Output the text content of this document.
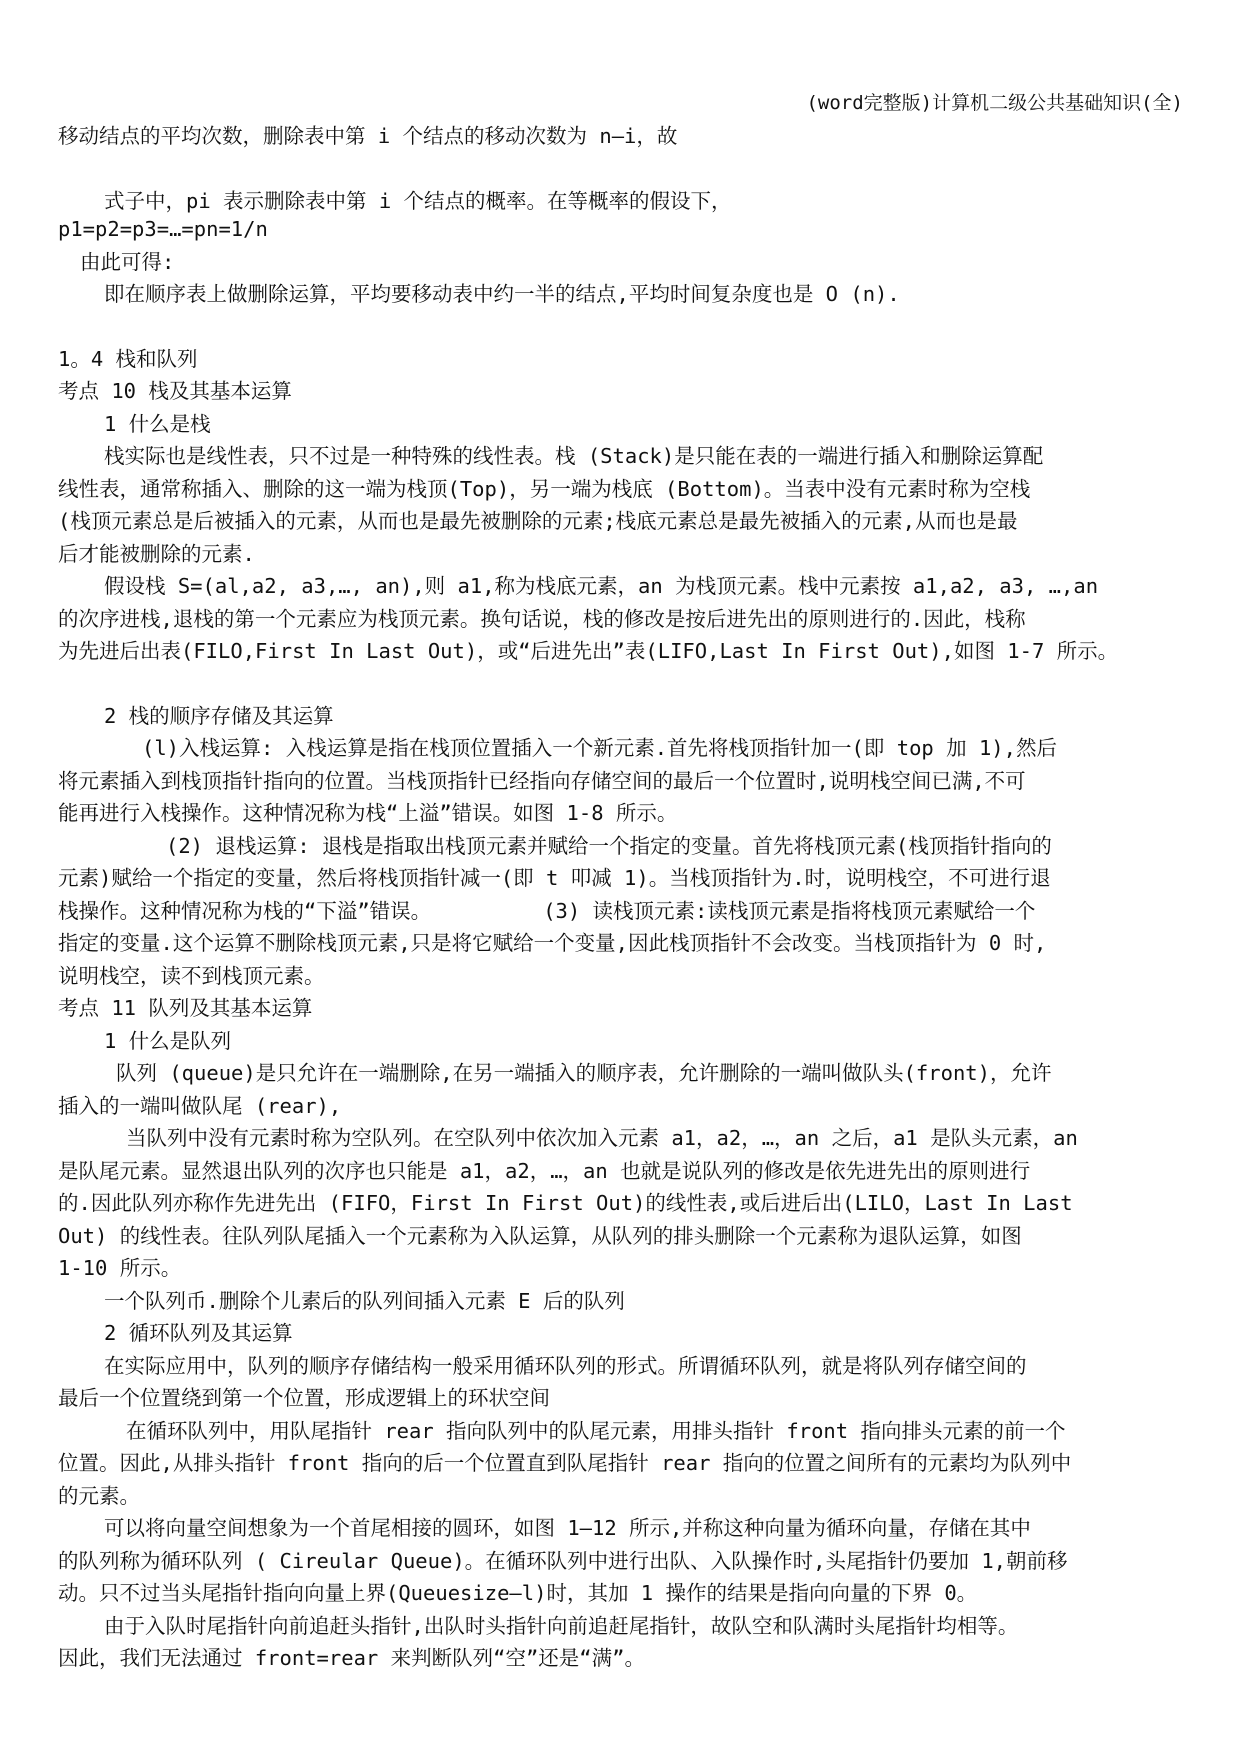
(word完整版)计算机二级公共基础知识(全)
移动结点的平均次数，删除表中第 i 个结点的移动次数为 n—i，故
式子中，pi 表示删除表中第 i 个结点的概率。在等概率的假设下，
p1=p2=p3=…=pn=1/n
由此可得:
即在顺序表上做删除运算，平均要移动表中约一半的结点,平均时间复杂度也是 O (n).
1。4 栈和队列
考点 10 栈及其基本运算
1 什么是栈
栈实际也是线性表，只不过是一种特殊的线性表。栈 (Stack)是只能在表的一端进行插入和删除运算配
线性表，通常称插入、删除的这一端为栈顶(Top)，另一端为栈底 (Bottom)。当表中没有元素时称为空栈
(栈顶元素总是后被插入的元素，从而也是最先被删除的元素;栈底元素总是最先被插入的元素,从而也是最
后才能被删除的元素.
假设栈 S=(al,a2, a3,…, an),则 a1,称为栈底元素，an 为栈顶元素。栈中元素按 a1,a2, a3, …,an
的次序进栈,退栈的第一个元素应为栈顶元素。换句话说，栈的修改是按后进先出的原则进行的.因此，栈称
为先进后出表(FILO,First In Last Out)，或“后进先出”表(LIFO,Last In First Out),如图 1-7 所示。
2 栈的顺序存储及其运算
(l)入栈运算: 入栈运算是指在栈顶位置插入一个新元素.首先将栈顶指针加一(即 top 加 1),然后
将元素插入到栈顶指针指向的位置。当栈顶指针已经指向存储空间的最后一个位置时,说明栈空间已满,不可
能再进行入栈操作。这种情况称为栈“上溢”错误。如图 1-8 所示。
(2) 退栈运算: 退栈是指取出栈顶元素并赋给一个指定的变量。首先将栈顶元素(栈顶指针指向的
元素)赋给一个指定的变量，然后将栈顶指针减一(即 t 叩减 1)。当栈顶指针为.时，说明栈空，不可进行退
栈操作。这种情况称为栈的“下溢”错误。	(3) 读栈顶元素:读栈顶元素是指将栈顶元素赋给一个
指定的变量.这个运算不删除栈顶元素,只是将它赋给一个变量,因此栈顶指针不会改变。当栈顶指针为 0 时,
说明栈空，读不到栈顶元素。
考点 11 队列及其基本运算
1 什么是队列
队列 (queue)是只允许在一端删除,在另一端插入的顺序表，允许删除的一端叫做队头(front)，允许
插入的一端叫做队尾 (rear),
当队列中没有元素时称为空队列。在空队列中依次加入元素 a1，a2，…，an 之后，a1 是队头元素，an
是队尾元素。显然退出队列的次序也只能是 a1，a2，…，an 也就是说队列的修改是依先进先出的原则进行
的.因此队列亦称作先进先出 (FIFO，First In First Out)的线性表,或后进后出(LILO，Last In Last
Out) 的线性表。往队列队尾插入一个元素称为入队运算，从队列的排头删除一个元素称为退队运算，如图
1-10 所示。
一个队列币.删除个儿素后的队列间插入元素 E 后的队列
2 循环队列及其运算
在实际应用中，队列的顺序存储结构一般采用循环队列的形式。所谓循环队列，就是将队列存储空间的
最后一个位置绕到第一个位置，形成逻辑上的环状空间
在循环队列中，用队尾指针 rear 指向队列中的队尾元素，用排头指针 front 指向排头元素的前一个
位置。因此,从排头指针 front 指向的后一个位置直到队尾指针 rear 指向的位置之间所有的元素均为队列中
的元素。
可以将向量空间想象为一个首尾相接的圆环，如图 1—12 所示,并称这种向量为循环向量，存储在其中
的队列称为循环队列 ( Cireular Queue)。在循环队列中进行出队、入队操作时,头尾指针仍要加 1,朝前移
动。只不过当头尾指针指向向量上界(Queuesize—l)时，其加 1 操作的结果是指向向量的下界 0。
由于入队时尾指针向前追赶头指针,出队时头指针向前追赶尾指针，故队空和队满时头尾指针均相等。
因此，我们无法通过 front=rear 来判断队列“空”还是“满”。
